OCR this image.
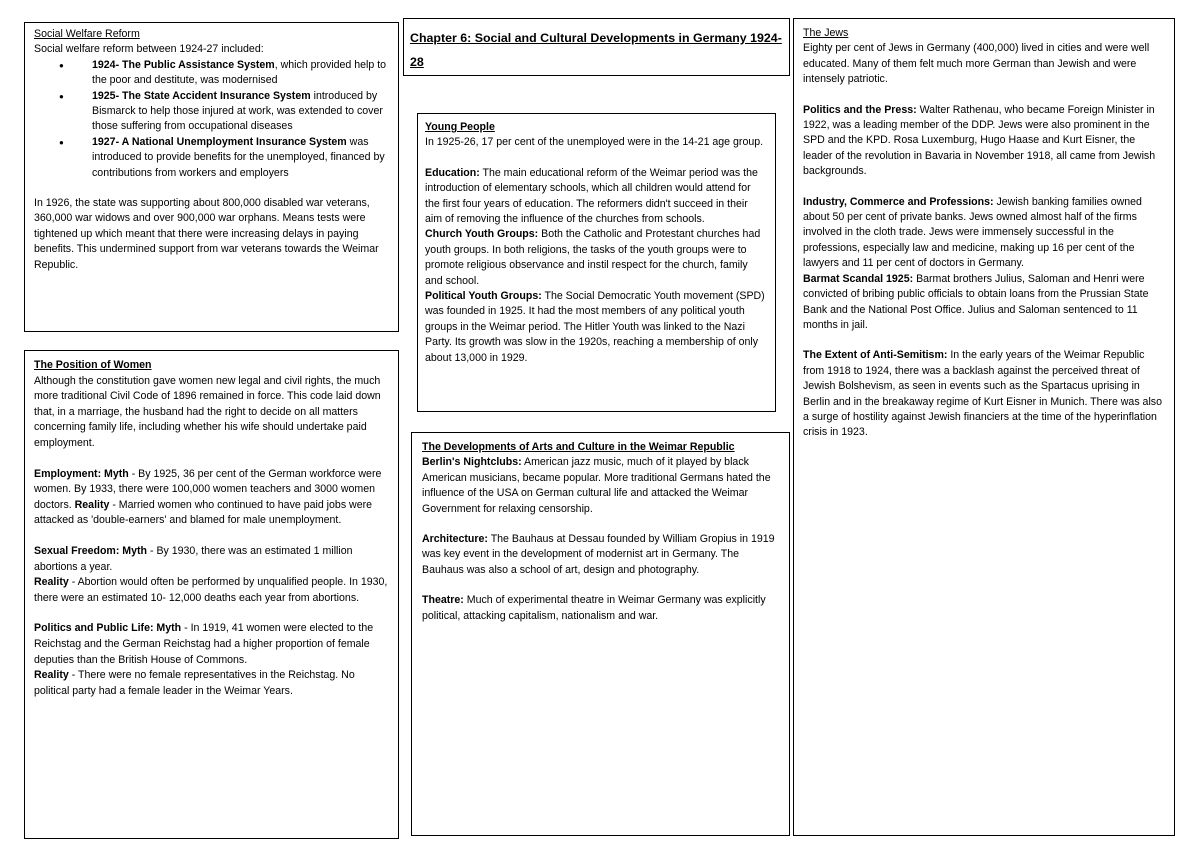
Social Welfare Reform

Social welfare reform between 1924-27 included:

● 1924- The Public Assistance System, which provided help to the poor and destitute, was modernised
● 1925- The State Accident Insurance System introduced by Bismarck to help those injured at work, was extended to cover those suffering from occupational diseases
● 1927- A National Unemployment Insurance System was introduced to provide benefits for the unemployed, financed by contributions from workers and employers

In 1926, the state was supporting about 800,000 disabled war veterans, 360,000 war widows and over 900,000 war orphans. Means tests were tightened up which meant that there were increasing delays in paying benefits. This undermined support from war veterans towards the Weimar Republic.

Chapter 6: Social and Cultural Developments in Germany 1924-28
The Jews

Eighty per cent of Jews in Germany (400,000) lived in cities and were well educated. Many of them felt much more German than Jewish and were intensely patriotic.

Politics and the Press: Walter Rathenau, who became Foreign Minister in 1922, was a leading member of the DDP. Jews were also prominent in the SPD and the KPD. Rosa Luxemburg, Hugo Haase and Kurt Eisner, the leader of the revolution in Bavaria in November 1918, all came from Jewish backgrounds.

Industry, Commerce and Professions: Jewish banking families owned about 50 per cent of private banks. Jews owned almost half of the firms involved in the cloth trade. Jews were immensely successful in the professions, especially law and medicine, making up 16 per cent of the lawyers and 11 per cent of doctors in Germany.

Barmat Scandal 1925: Barmat brothers Julius, Saloman and Henri were convicted of bribing public officials to obtain loans from the Prussian State Bank and the National Post Office. Julius and Saloman sentenced to 11 months in jail.

The Extent of Anti-Semitism: In the early years of the Weimar Republic from 1918 to 1924, there was a backlash against the perceived threat of Jewish Bolshevism, as seen in events such as the Spartacus uprising in Berlin and in the breakaway regime of Kurt Eisner in Munich. There was also a surge of hostility against Jewish financiers at the time of the hyperinflation crisis in 1923.

Young People

In 1925-26, 17 per cent of the unemployed were in the 14-21 age group.

Education: The main educational reform of the Weimar period was the introduction of elementary schools, which all children would attend for the first four years of education. The reformers didn't succeed in their aim of removing the influence of the churches from schools.

Church Youth Groups: Both the Catholic and Protestant churches had youth groups. In both religions, the tasks of the youth groups were to promote religious observance and instil respect for the church, family and school.

Political Youth Groups: The Social Democratic Youth movement (SPD) was founded in 1925. It had the most members of any political youth groups in the Weimar period. The Hitler Youth was linked to the Nazi Party. Its growth was slow in the 1920s, reaching a membership of only about 13,000 in 1929.

The Position of Women

Although the constitution gave women new legal and civil rights, the much more traditional Civil Code of 1896 remained in force. This code laid down that, in a marriage, the husband had the right to decide on all matters concerning family life, including whether his wife should undertake paid employment.

Employment: Myth - By 1925, 36 per cent of the German workforce were women. By 1933, there were 100,000 women teachers and 3000 women doctors. Reality - Married women who continued to have paid jobs were attacked as 'double-earners' and blamed for male unemployment.

Sexual Freedom: Myth - By 1930, there was an estimated 1 million abortions a year.

Reality - Abortion would often be performed by unqualified people. In 1930, there were an estimated 10- 12,000 deaths each year from abortions.

Politics and Public Life: Myth - In 1919, 41 women were elected to the Reichstag and the German Reichstag had a higher proportion of female deputies than the British House of Commons.

Reality - There were no female representatives in the Reichstag. No political party had a female leader in the Weimar Years.

The Developments of Arts and Culture in the Weimar Republic

Berlin's Nightclubs: American jazz music, much of it played by black American musicians, became popular. More traditional Germans hated the influence of the USA on German cultural life and attacked the Weimar Government for relaxing censorship.

Architecture: The Bauhaus at Dessau founded by William Gropius in 1919 was key event in the development of modernist art in Germany. The Bauhaus was also a school of art, design and photography.

Theatre: Much of experimental theatre in Weimar Germany was explicitly political, attacking capitalism, nationalism and war.
